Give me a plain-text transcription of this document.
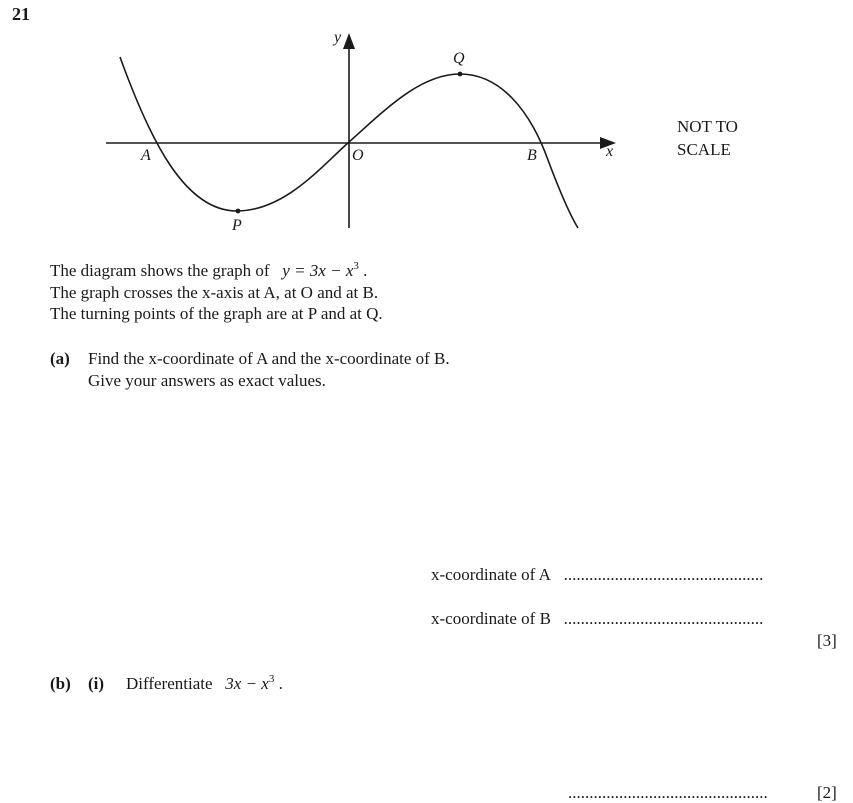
21
y
x
A	O	B
P
Q
NOT TO
SCALE
The diagram shows the graph of $y = 3x - x^3$ .
The graph crosses the x-axis at A, at O and at B.
The turning points of the graph are at P and at Q.
(a) Find the x-coordinate of A and the x-coordinate of B.
Give your answers as exact values.
x-coordinate of A ...............................................
x-coordinate of B ...............................................
[3]
(b) (i) Differentiate $3x - x^3$ .
...............................................	[2]
